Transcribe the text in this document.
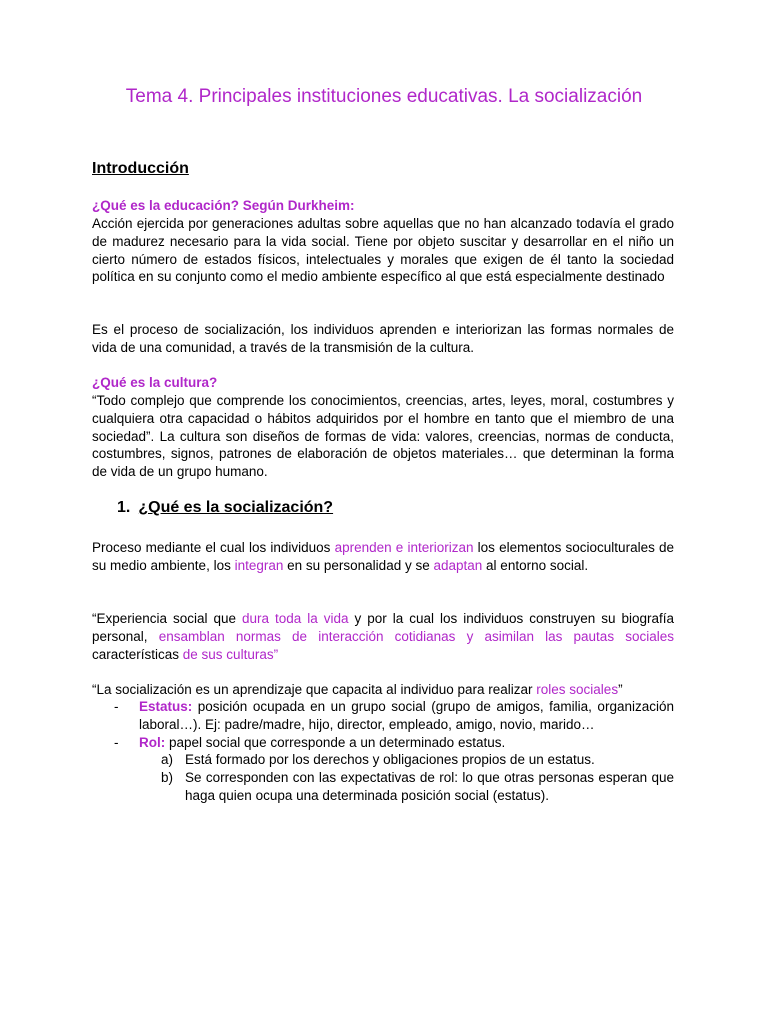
Tema 4. Principales instituciones educativas. La socialización
Introducción
¿Qué es la educación? Según Durkheim:
Acción ejercida por generaciones adultas sobre aquellas que no han alcanzado todavía el grado de madurez necesario para la vida social. Tiene por objeto suscitar y desarrollar en el niño un cierto número de estados físicos, intelectuales y morales que exigen de él tanto la sociedad política en su conjunto como el medio ambiente específico al que está especialmente destinado
Es el proceso de socialización, los individuos aprenden e interiorizan las formas normales de vida de una comunidad, a través de la transmisión de la cultura.
¿Qué es la cultura?
“Todo complejo que comprende los conocimientos, creencias, artes, leyes, moral, costumbres y cualquiera otra capacidad o hábitos adquiridos por el hombre en tanto que el miembro de una sociedad”. La cultura son diseños de formas de vida: valores, creencias, normas de conducta, costumbres, signos, patrones de elaboración de objetos materiales… que determinan la forma de vida de un grupo humano.
1. ¿Qué es la socialización?
Proceso mediante el cual los individuos aprenden e interiorizan los elementos socioculturales de su medio ambiente, los integran en su personalidad y se adaptan al entorno social.
“Experiencia social que dura toda la vida y por la cual los individuos construyen su biografía personal, ensamblan normas de interacción cotidianas y asimilan las pautas sociales características de sus culturas”
“La socialización es un aprendizaje que capacita al individuo para realizar roles sociales”
- Estatus: posición ocupada en un grupo social (grupo de amigos, familia, organización laboral…). Ej: padre/madre, hijo, director, empleado, amigo, novio, marido…
- Rol: papel social que corresponde a un determinado estatus.
a) Está formado por los derechos y obligaciones propios de un estatus.
b) Se corresponden con las expectativas de rol: lo que otras personas esperan que haga quien ocupa una determinada posición social (estatus).
